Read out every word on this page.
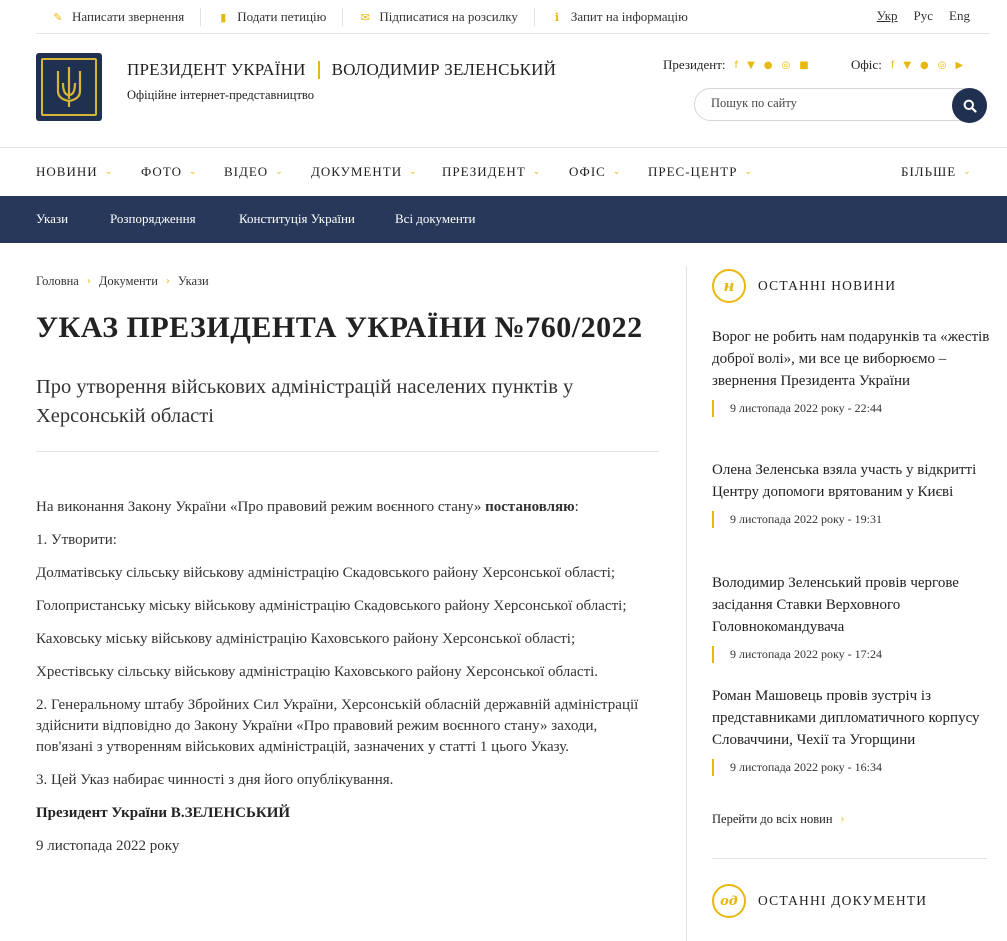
✎ Написати звернення	▮ Подати петицію	✉ Підписатися на розсилку	i Запит на інформацію	Укр Рус Eng
ПРЕЗИДЕНТ УКРАЇНИ ВОЛОДИМИР ЗЕЛЕНСЬКИЙ
Офіційне інтернет-представництво
Президент: f ▼ ● ◎ ■	Офіс: f ▼ ● ◎ ▶
Пошук по сайту
НОВИНИ ⌄ ФОТО ⌄ ВІДЕО ⌄ ДОКУМЕНТИ ⌄ ПРЕЗИДЕНТ ⌄ ОФІС ⌄ ПРЕС-ЦЕНТР ⌄	БІЛЬШЕ ⌄
Укази	Розпорядження	Конституція України	Всі документи
Головна › Документи › Укази
УКАЗ ПРЕЗИДЕНТА УКРАЇНИ №760/2022
Про утворення військових адміністрацій населених пунктів у Херсонській області

На виконання Закону України «Про правовий режим воєнного стану» постановляю:

1. Утворити:

Долматівську сільську військову адміністрацію Скадовського району Херсонської області;

Голопристанську міську військову адміністрацію Скадовського району Херсонської області;

Каховську міську військову адміністрацію Каховського району Херсонської області;

Хрестівську сільську військову адміністрацію Каховського району Херсонської області.

2. Генеральному штабу Збройних Сил України, Херсонській обласній державній адміністрації здійснити відповідно до Закону України «Про правовий режим воєнного стану» заходи, пов'язані з утворенням військових адміністрацій, зазначених у статті 1 цього Указу.

3. Цей Указ набирає чинності з дня його опублікування.

Президент України В.ЗЕЛЕНСЬКИЙ

9 листопада 2022 року

н	ОСТАННІ НОВИНИ
Ворог не робить нам подарунків та «жестів доброї волі», ми все це виборюємо – звернення Президента України
9 листопада 2022 року - 22:44
Олена Зеленська взяла участь у відкритті Центру допомоги врятованим у Києві
9 листопада 2022 року - 19:31
Володимир Зеленський провів чергове засідання Ставки Верховного Головнокомандувача
9 листопада 2022 року - 17:24
Роман Машовець провів зустріч із представниками дипломатичного корпусу Словаччини, Чехії та Угорщини
9 листопада 2022 року - 16:34
Перейти до всіх новин ›
од	ОСТАННІ ДОКУМЕНТИ
